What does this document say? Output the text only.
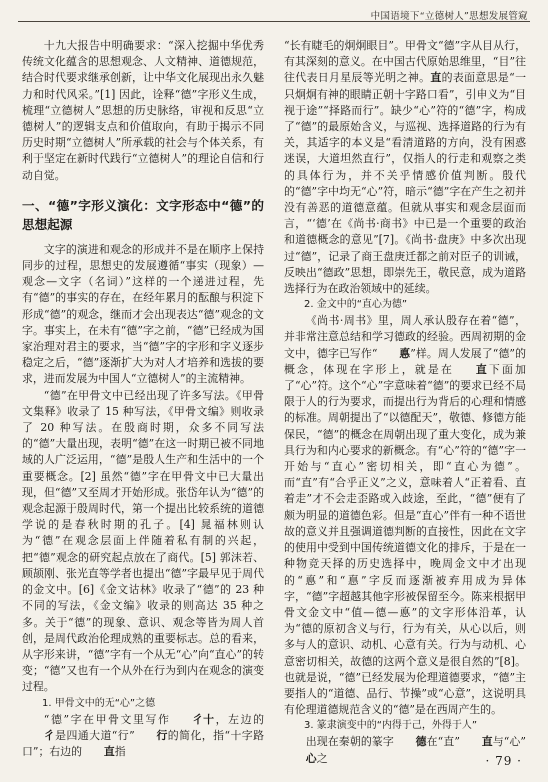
中国语境下“立德树人”思想发展管窥

十九大报告中明确要求：“深入挖掘中华优秀传统文化蕴含的思想观念、人文精神、道德规范，结合时代要求继承创新，让中华文化展现出永久魅力和时代风采。”[1] 因此，诠释“德”字形义生成，梳理“立德树人”思想的历史脉络，审视和反思“立德树人”的逻辑支点和价值取向，有助于揭示不同历史时期“立德树人”所承载的社会与个体关系，有利于坚定在新时代践行“立德树人”的理论自信和行动自觉。

一、“德”字形义演化：文字形态中“德”的思想起源

文字的演进和观念的形成并不是在顺序上保持同步的过程，思想史的发展遵循“事实（现象）—观念—文字（名词）”这样的一个递进过程，先有“德”的事实的存在，在经年累月的酝酿与积淀下形成“德”的观念，继而才会出现表达“德”观念的文字。事实上，在未有“德”字之前，“德”已经成为国家治理对君主的要求，当“德”字的字形和字义逐步稳定之后，“德”逐渐扩大为对人才培养和选拔的要求，进而发展为中国人“立德树人”的主流精神。

“德”在甲骨文中已经出现了许多写法。《甲骨文集释》收录了 15 种写法，《甲骨文编》则收录了 20 种写法。在殷商时期，众多不同写法的“德”大量出现，表明“德”在这一时期已被不同地域的人广泛运用，“德”是殷人生产和生活中的一个重要概念。[2] 虽然“德”字在甲骨文中已大量出现，但“德”又至周才开始形成。张岱年认为“德”的观念起源于殷周时代，第一个提出比较系统的道德学说的是春秋时期的孔子。[4] 晁福林则认为“德”在观念层面上伴随着私有制的兴起，把“德”观念的研究起点放在了商代。[5] 郭沫若、顾颉刚、张光直等学者也提出“德”字最早见于周代的金文中。[6]《金文诂林》收录了“德”的 23 种不同的写法，《金文编》收录的则高达 35 种之多。关于“德”的现象、意识、观念等皆为周人首创，是周代政治伦理成熟的重要标志。总的看来，从字形来讲，“德”字有一个从无“心”向“直心”的转变；“德”又也有一个从外在行为到内在观念的演变过程。

1. 甲骨文中的无“心”之德

“德”字在甲骨文里写作 彳十，左边的彳是四通大道“行” 行的简化，指“十字路口”；右边的 直指

“长有睫毛的炯炯眼目”。甲骨文“德”字从目从行，有其深刻的意义。在中国古代原始思维里，“目”往往代表日月星辰等光明之神。直的表面意思是“一只炯炯有神的眼睛正朝十字路口看”，引申义为“目视于途”“择路而行”。缺少“心”符的“德”字，构成了“德”的最原始含义，与巡视、选择道路的行为有关，其适字的本义是“看清道路的方向，没有困惑迷误，大道坦然直行”，仅指人的行走和观察之类的具体行为，并不关乎情感价值判断。殷代的“德”字中均无“心”符，暗示“德”字在产生之初并没有善恶的道德意蕴。但就从事实和观念层面而言，“‘德’在《尚书·商书》中已是一个重要的政治和道德概念的意见”[7]。《尚书·盘庚》中多次出现过“德”，记录了商王盘庚迁都之前对臣子的训诫，反映出“德政”思想，即崇先王，敬民意，成为道路选择行为在政治领域中的延续。

2. 金文中的“直心为德”

《尚书·周书》里，周人承认殷存在着“德”，并非常注意总结和学习德政的经验。西周初期的金文中，德字已写作“ 悳”样。周人发展了“德”的概念，体现在字形上，就是在 直下面加了“心”符。这个“心”字意味着“德”的要求已经不局限于人的行为要求，而提出行为背后的心理和情感的标准。周朝提出了“以德配天”，敬德、修德方能保民，“德”的概念在周朝出现了重大变化，成为兼具行为和内心要求的新概念。有“心”符的“德”字一开始与“直心”密切相关，即“直心为德”。而“直”有“合乎正义”之义，意味着人“正着看、直着走”才不会走歪路或入歧途，至此，“德”便有了颇为明显的道德色彩。但是“直心”伴有一种不语世故的意义并且强调道德判断的直接性，因此在文字的使用中受到中国传统道德文化的排斥，于是在一种物竞天择的历史选择中，晚周金文中才出现的“悳”和“惪”字反而逐渐被弃用成为异体字，“德”字超越其他字形被保留至今。陈来根据甲骨文金文中“值—德—悳”的文字形体沿革，认为“德的原初含义与行，行为有关，从心以后，则多与人的意识、动机、心意有关。行为与动机、心意密切相关，故德的这两个意义是很自然的”[8]。也就是说，“德”已经发展为伦理道德要求，“德”主要指人的“道德、品行、节操”或“心意”，这说明具有伦理道德规范含义的“德”是在西周产生的。

3. 篆隶演变中的“内得于己，外得于人”

出现在秦朝的篆字 德在“直” 直与“心”心之	· 79 ·
